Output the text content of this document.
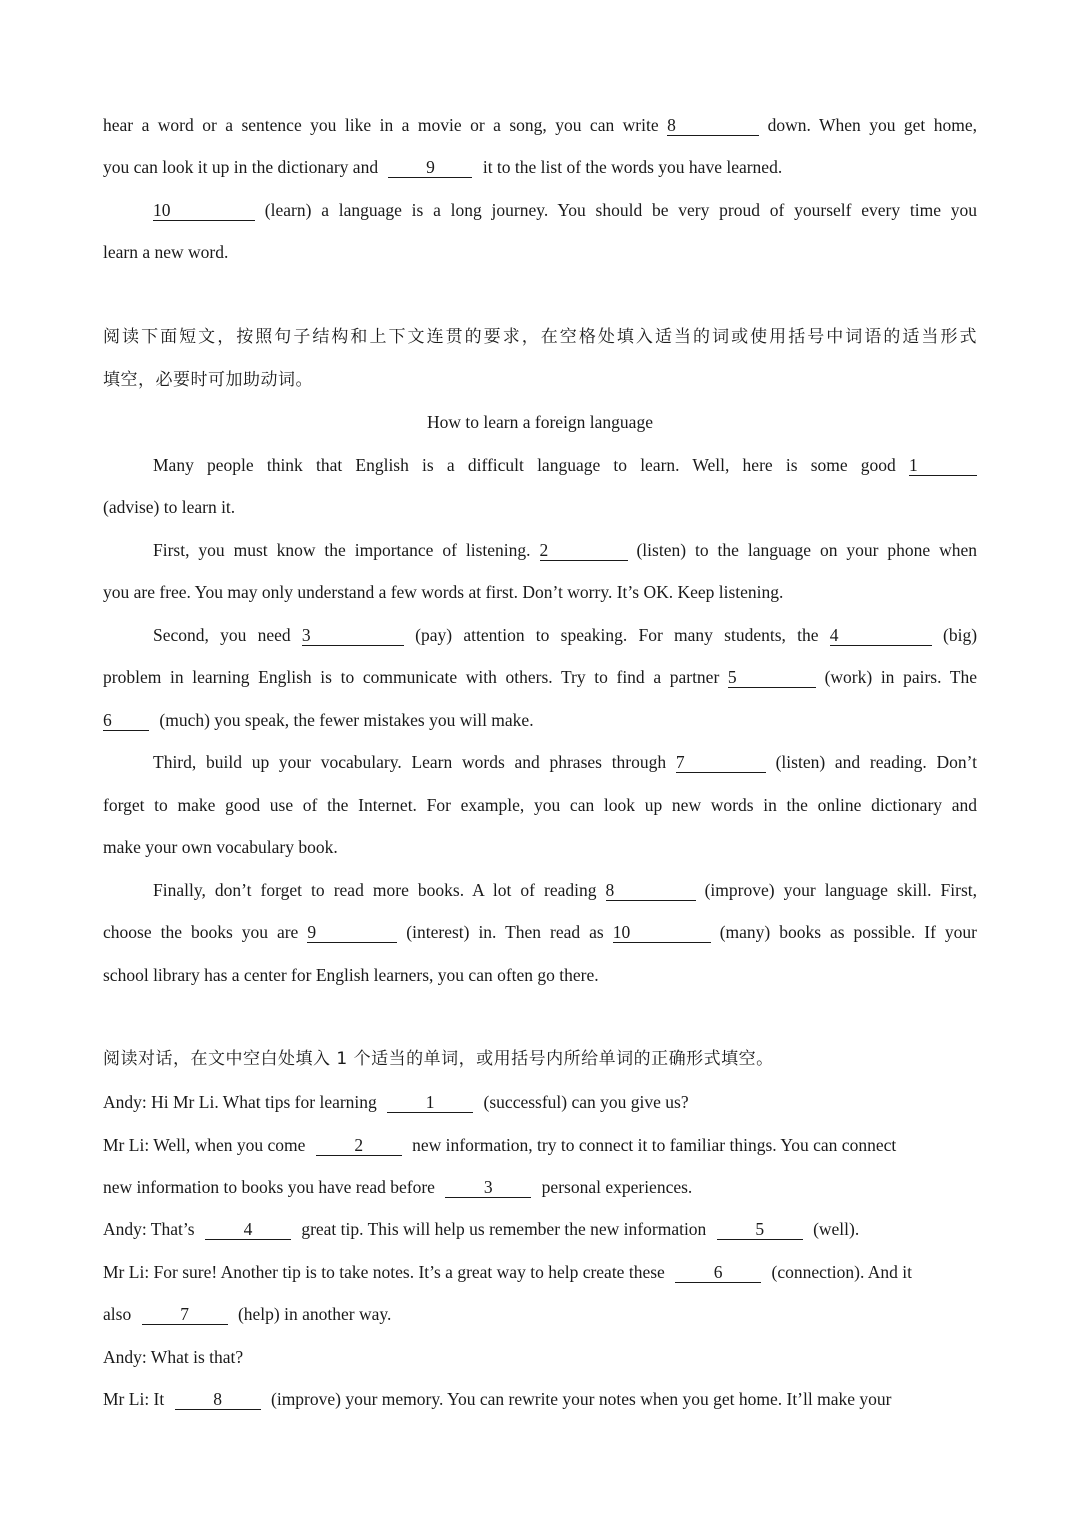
hear a word or a sentence you like in a movie or a song, you can write 8	down. When you get home,
you can look it up in the dictionary and	9	it to the list of the words you have learned.
10	(learn) a language is a long journey. You should be very proud of yourself every time you
learn a new word.
阅读下面短文，按照句子结构和上下文连贯的要求，在空格处填入适当的词或使用括号中词语的适当形式
填空，必要时可加助动词。
How to learn a foreign language
Many people think that English is a difficult language to learn. Well, here is some good 1
(advise) to learn it.
First, you must know the importance of listening. 2	(listen) to the language on your phone when
you are free. You may only understand a few words at first. Don’t worry. It’s OK. Keep listening.
Second, you need 3	(pay) attention to speaking. For many students, the 4	(big)
problem in learning English is to communicate with others. Try to find a partner 5	(work) in pairs. The
6	(much) you speak, the fewer mistakes you will make.
Third, build up your vocabulary. Learn words and phrases through 7	(listen) and reading. Don’t
forget to make good use of the Internet. For example, you can look up new words in the online dictionary and
make your own vocabulary book.
Finally, don’t forget to read more books. A lot of reading 8	(improve) your language skill. First,
choose the books you are 9	(interest) in. Then read as 10	(many) books as possible. If your
school library has a center for English learners, you can often go there.
阅读对话，在文中空白处填入 1 个适当的单词，或用括号内所给单词的正确形式填空。
Andy: Hi Mr Li. What tips for learning	1	(successful) can you give us?
Mr Li: Well, when you come	2	new information, try to connect it to familiar things. You can connect
new information to books you have read before	3	personal experiences.
Andy: That’s	4	great tip. This will help us remember the new information	5	(well).
Mr Li: For sure! Another tip is to take notes. It’s a great way to help create these	6	(connection). And it
also	7	(help) in another way.
Andy: What is that?
Mr Li: It	8	(improve) your memory. You can rewrite your notes when you get home. It’ll make your
